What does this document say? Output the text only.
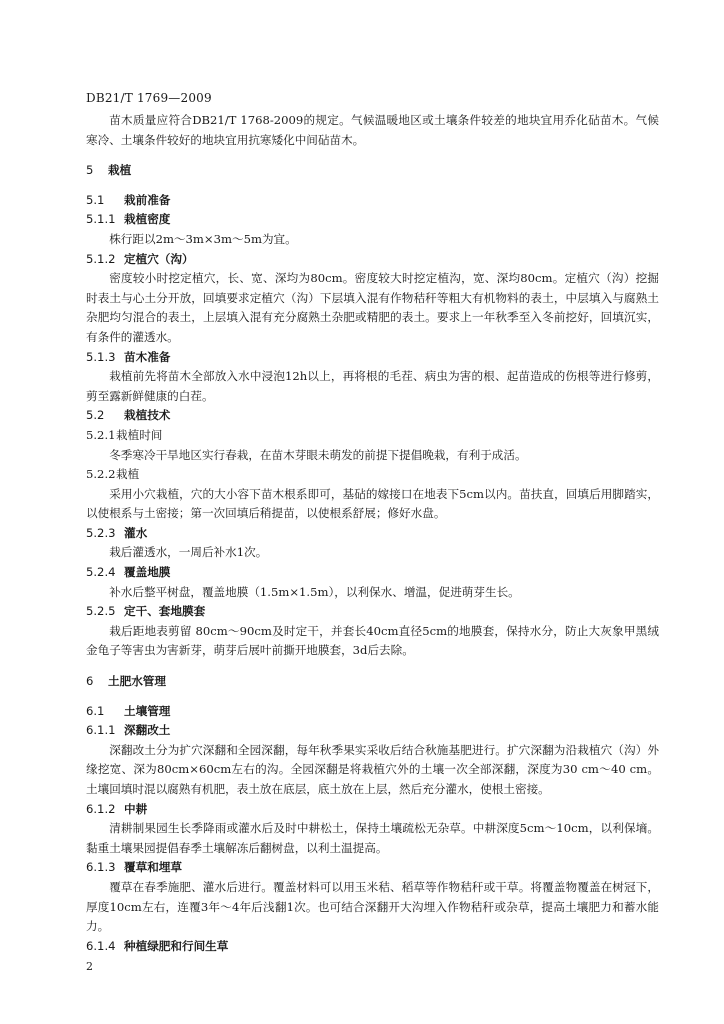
DB21/T 1769—2009

苗木质量应符合DB21/T 1768-2009的规定。气候温暖地区或土壤条件较差的地块宜用乔化砧苗木。气候寒冷、土壤条件较好的地块宜用抗寒矮化中间砧苗木。

5 栽植
5.1 栽前准备
5.1.1 栽植密度

株行距以2m～3m×3m～5m为宜。

5.1.2 定植穴（沟）

密度较小时挖定植穴，长、宽、深均为80cm。密度较大时挖定植沟，宽、深均80cm。定植穴（沟）挖掘时表土与心土分开放，回填要求定植穴（沟）下层填入混有作物秸秆等粗大有机物料的表土，中层填入与腐熟土杂肥均匀混合的表土，上层填入混有充分腐熟土杂肥或精肥的表土。要求上一年秋季至入冬前挖好，回填沉实，有条件的灌透水。

5.1.3 苗木准备

栽植前先将苗木全部放入水中浸泡12h以上，再将根的毛茬、病虫为害的根、起苗造成的伤根等进行修剪，剪至露新鲜健康的白茬。

5.2 栽植技术
5.2.1栽植时间

冬季寒冷干旱地区实行春栽，在苗木芽眼未萌发的前提下提倡晚栽，有利于成活。

5.2.2栽植

采用小穴栽植，穴的大小容下苗木根系即可，基砧的嫁接口在地表下5cm以内。苗扶直，回填后用脚踏实，以使根系与土密接；第一次回填后稍提苗，以使根系舒展；修好水盘。

5.2.3 灌水

栽后灌透水，一周后补水1次。

5.2.4 覆盖地膜

补水后整平树盘，覆盖地膜（1.5m×1.5m），以利保水、增温，促进萌芽生长。

5.2.5 定干、套地膜套

栽后距地表剪留 80cm～90cm及时定干，并套长40cm直径5cm的地膜套，保持水分，防止大灰象甲黑绒金龟子等害虫为害新芽，萌芽后展叶前撕开地膜套，3d后去除。

6 土肥水管理
6.1 土壤管理
6.1.1 深翻改土

深翻改土分为扩穴深翻和全园深翻，每年秋季果实采收后结合秋施基肥进行。扩穴深翻为沿栽植穴（沟）外缘挖宽、深为80cm×60cm左右的沟。全园深翻是将栽植穴外的土壤一次全部深翻，深度为30 cm～40 cm。土壤回填时混以腐熟有机肥，表土放在底层，底土放在上层，然后充分灌水，使根土密接。

6.1.2 中耕

清耕制果园生长季降雨或灌水后及时中耕松土，保持土壤疏松无杂草。中耕深度5cm～10cm，以利保墒。黏重土壤果园提倡春季土壤解冻后翻树盘，以利土温提高。

6.1.3 覆草和埋草

覆草在春季施肥、灌水后进行。覆盖材料可以用玉米秸、稻草等作物秸秆或干草。将覆盖物覆盖在树冠下，厚度10cm左右，连覆3年～4年后浅翻1次。也可结合深翻开大沟埋入作物秸秆或杂草，提高土壤肥力和蓄水能力。

6.1.4 种植绿肥和行间生草
2
